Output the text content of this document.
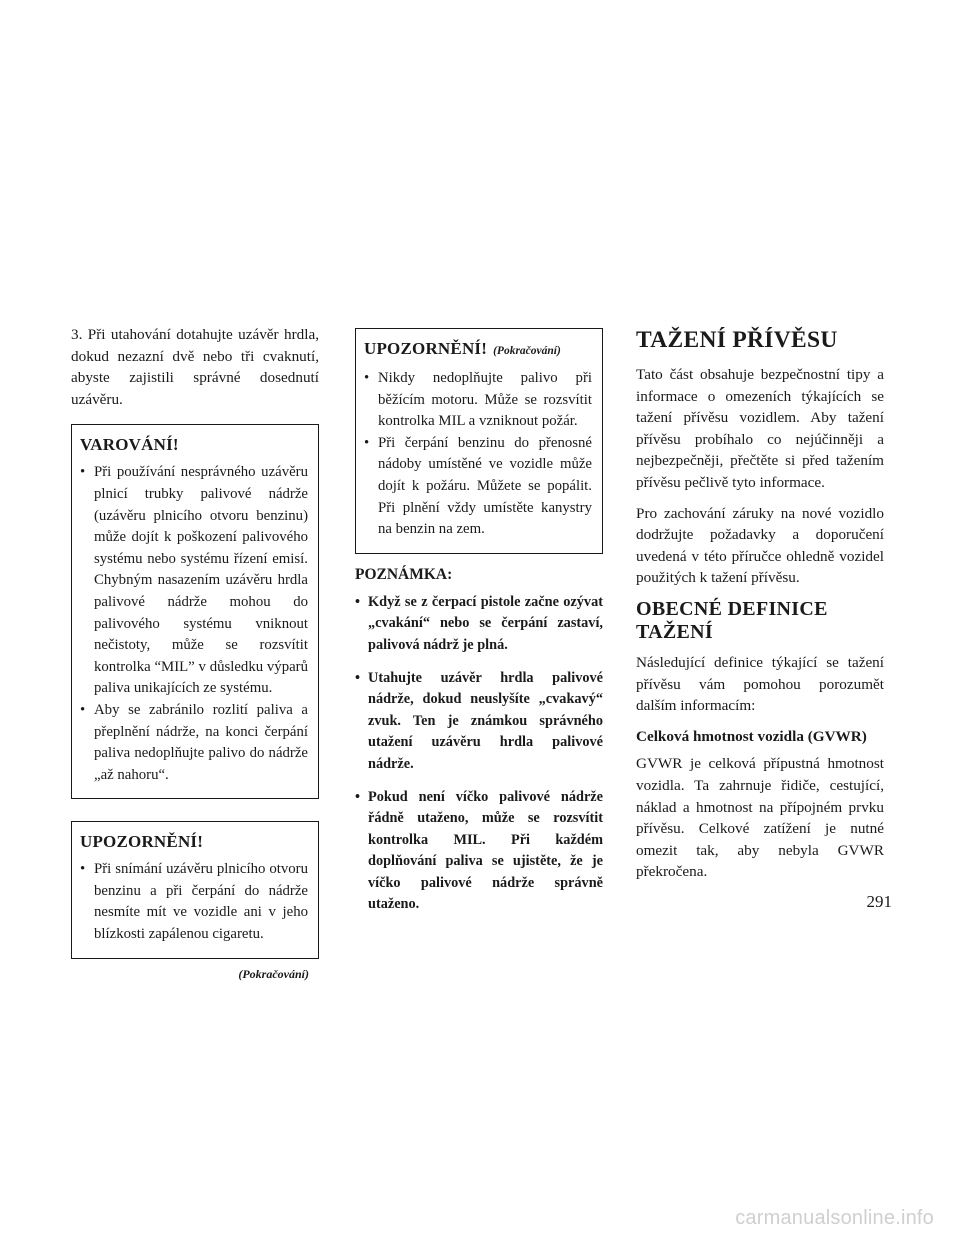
3. Při utahování dotahujte uzávěr hrdla, dokud nezazní dvě nebo tři cvaknutí, abyste zajistili správné dosednutí uzávěru.

VAROVÁNÍ!
• Při používání nesprávného uzávěru plnicí trubky palivové nádrže (uzávěru plnicího otvoru benzinu) může dojít k poškození palivového systému nebo systému řízení emisí. Chybným nasazením uzávěru hrdla palivové nádrže mohou do palivového systému vniknout nečistoty, může se rozsvítit kontrolka “MIL” v důsledku výparů paliva unikajících ze systému.
• Aby se zabránilo rozlití paliva a přeplnění nádrže, na konci čerpání paliva nedoplňujte palivo do nádrže „až nahoru“.
UPOZORNĚNÍ!
• Při snímání uzávěru plnicího otvoru benzinu a při čerpání do nádrže nesmíte mít ve vozidle ani v jeho blízkosti zapálenou cigaretu.
(Pokračování)
UPOZORNĚNÍ! (Pokračování)
• Nikdy nedoplňujte palivo při běžícím motoru. Může se rozsvítit kontrolka MIL a vzniknout požár.
• Při čerpání benzinu do přenosné nádoby umístěné ve vozidle může dojít k požáru. Můžete se popálit. Při plnění vždy umístěte kanystry na benzin na zem.
POZNÁMKA:
• Když se z čerpací pistole začne ozývat „cvakání“ nebo se čerpání zastaví, palivová nádrž je plná.
• Utahujte uzávěr hrdla palivové nádrže, dokud neuslyšíte „cvakavý“ zvuk. Ten je známkou správného utažení uzávěru hrdla palivové nádrže.
• Pokud není víčko palivové nádrže řádně utaženo, může se rozsvítit kontrolka MIL. Při každém doplňování paliva se ujistěte, že je víčko palivové nádrže správně utaženo.
TAŽENÍ PŘÍVĚSU

Tato část obsahuje bezpečnostní tipy a informace o omezeních týkajících se tažení přívěsu vozidlem. Aby tažení přívěsu probíhalo co nejúčinněji a nejbezpečněji, přečtěte si před tažením přívěsu pečlivě tyto informace.

Pro zachování záruky na nové vozidlo dodržujte požadavky a doporučení uvedená v této příručce ohledně vozidel použitých k tažení přívěsu.

OBECNÉ DEFINICE TAŽENÍ

Následující definice týkající se tažení přívěsu vám pomohou porozumět dalším informacím:

Celková hmotnost vozidla (GVWR)

GVWR je celková přípustná hmotnost vozidla. Ta zahrnuje řidiče, cestující, náklad a hmotnost na přípojném prvku přívěsu. Celkové zatížení je nutné omezit tak, aby nebyla GVWR překročena.

291
carmanualsonline.info
